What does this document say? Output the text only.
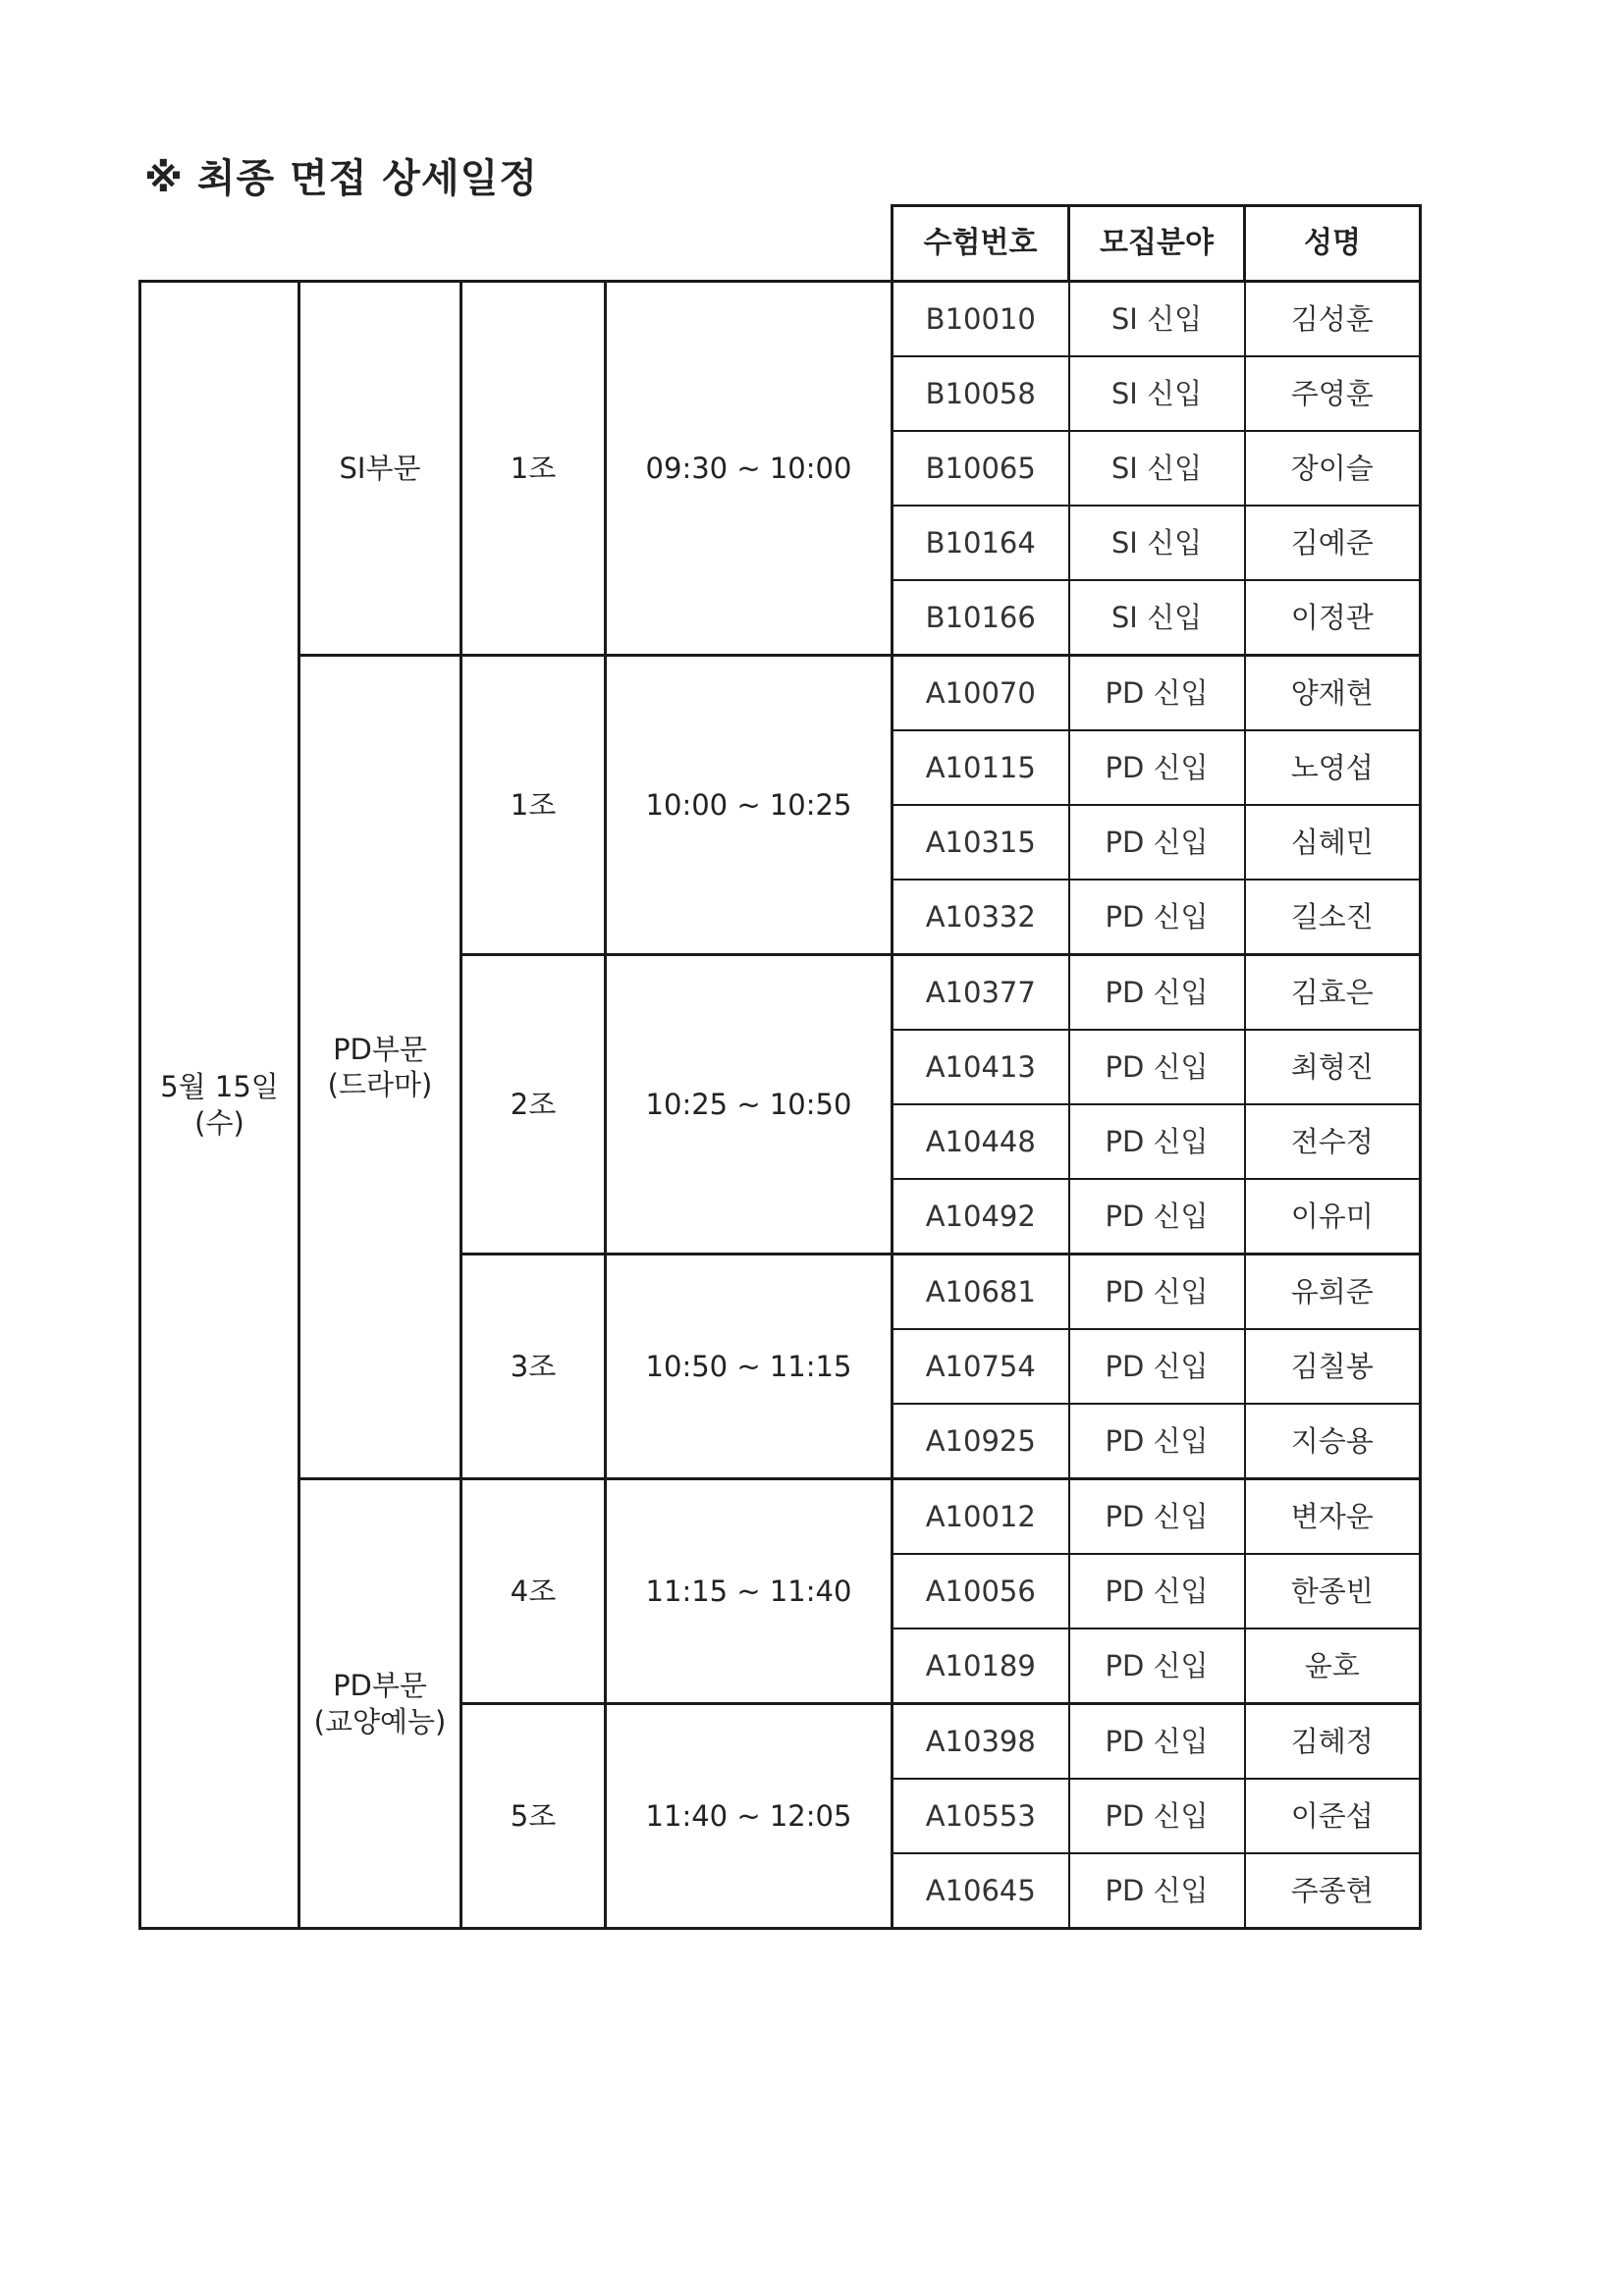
※ 최종 면접 상세일정
				수험번호	모집분야	성명

5월 15일
(수)	SI부문	1조	09:30 ~ 10:00	B10010	SI 신입	김성훈
				B10058	SI 신입	주영훈
				B10065	SI 신입	장이슬
				B10164	SI 신입	김예준
				B10166	SI 신입	이정관

	PD부문
(드라마)	1조	10:00 ~ 10:25	A10070	PD 신입	양재현
				A10115	PD 신입	노영섭
				A10315	PD 신입	심혜민
				A10332	PD 신입	길소진
		2조	10:25 ~ 10:50	A10377	PD 신입	김효은
				A10413	PD 신입	최형진
				A10448	PD 신입	전수정
				A10492	PD 신입	이유미
		3조	10:50 ~ 11:15	A10681	PD 신입	유희준
				A10754	PD 신입	김칠봉
				A10925	PD 신입	지승용

	PD부문
(교양예능)	4조	11:15 ~ 11:40	A10012	PD 신입	변자운
				A10056	PD 신입	한종빈
				A10189	PD 신입	윤호
		5조	11:40 ~ 12:05	A10398	PD 신입	김혜정
				A10553	PD 신입	이준섭
				A10645	PD 신입	주종현
